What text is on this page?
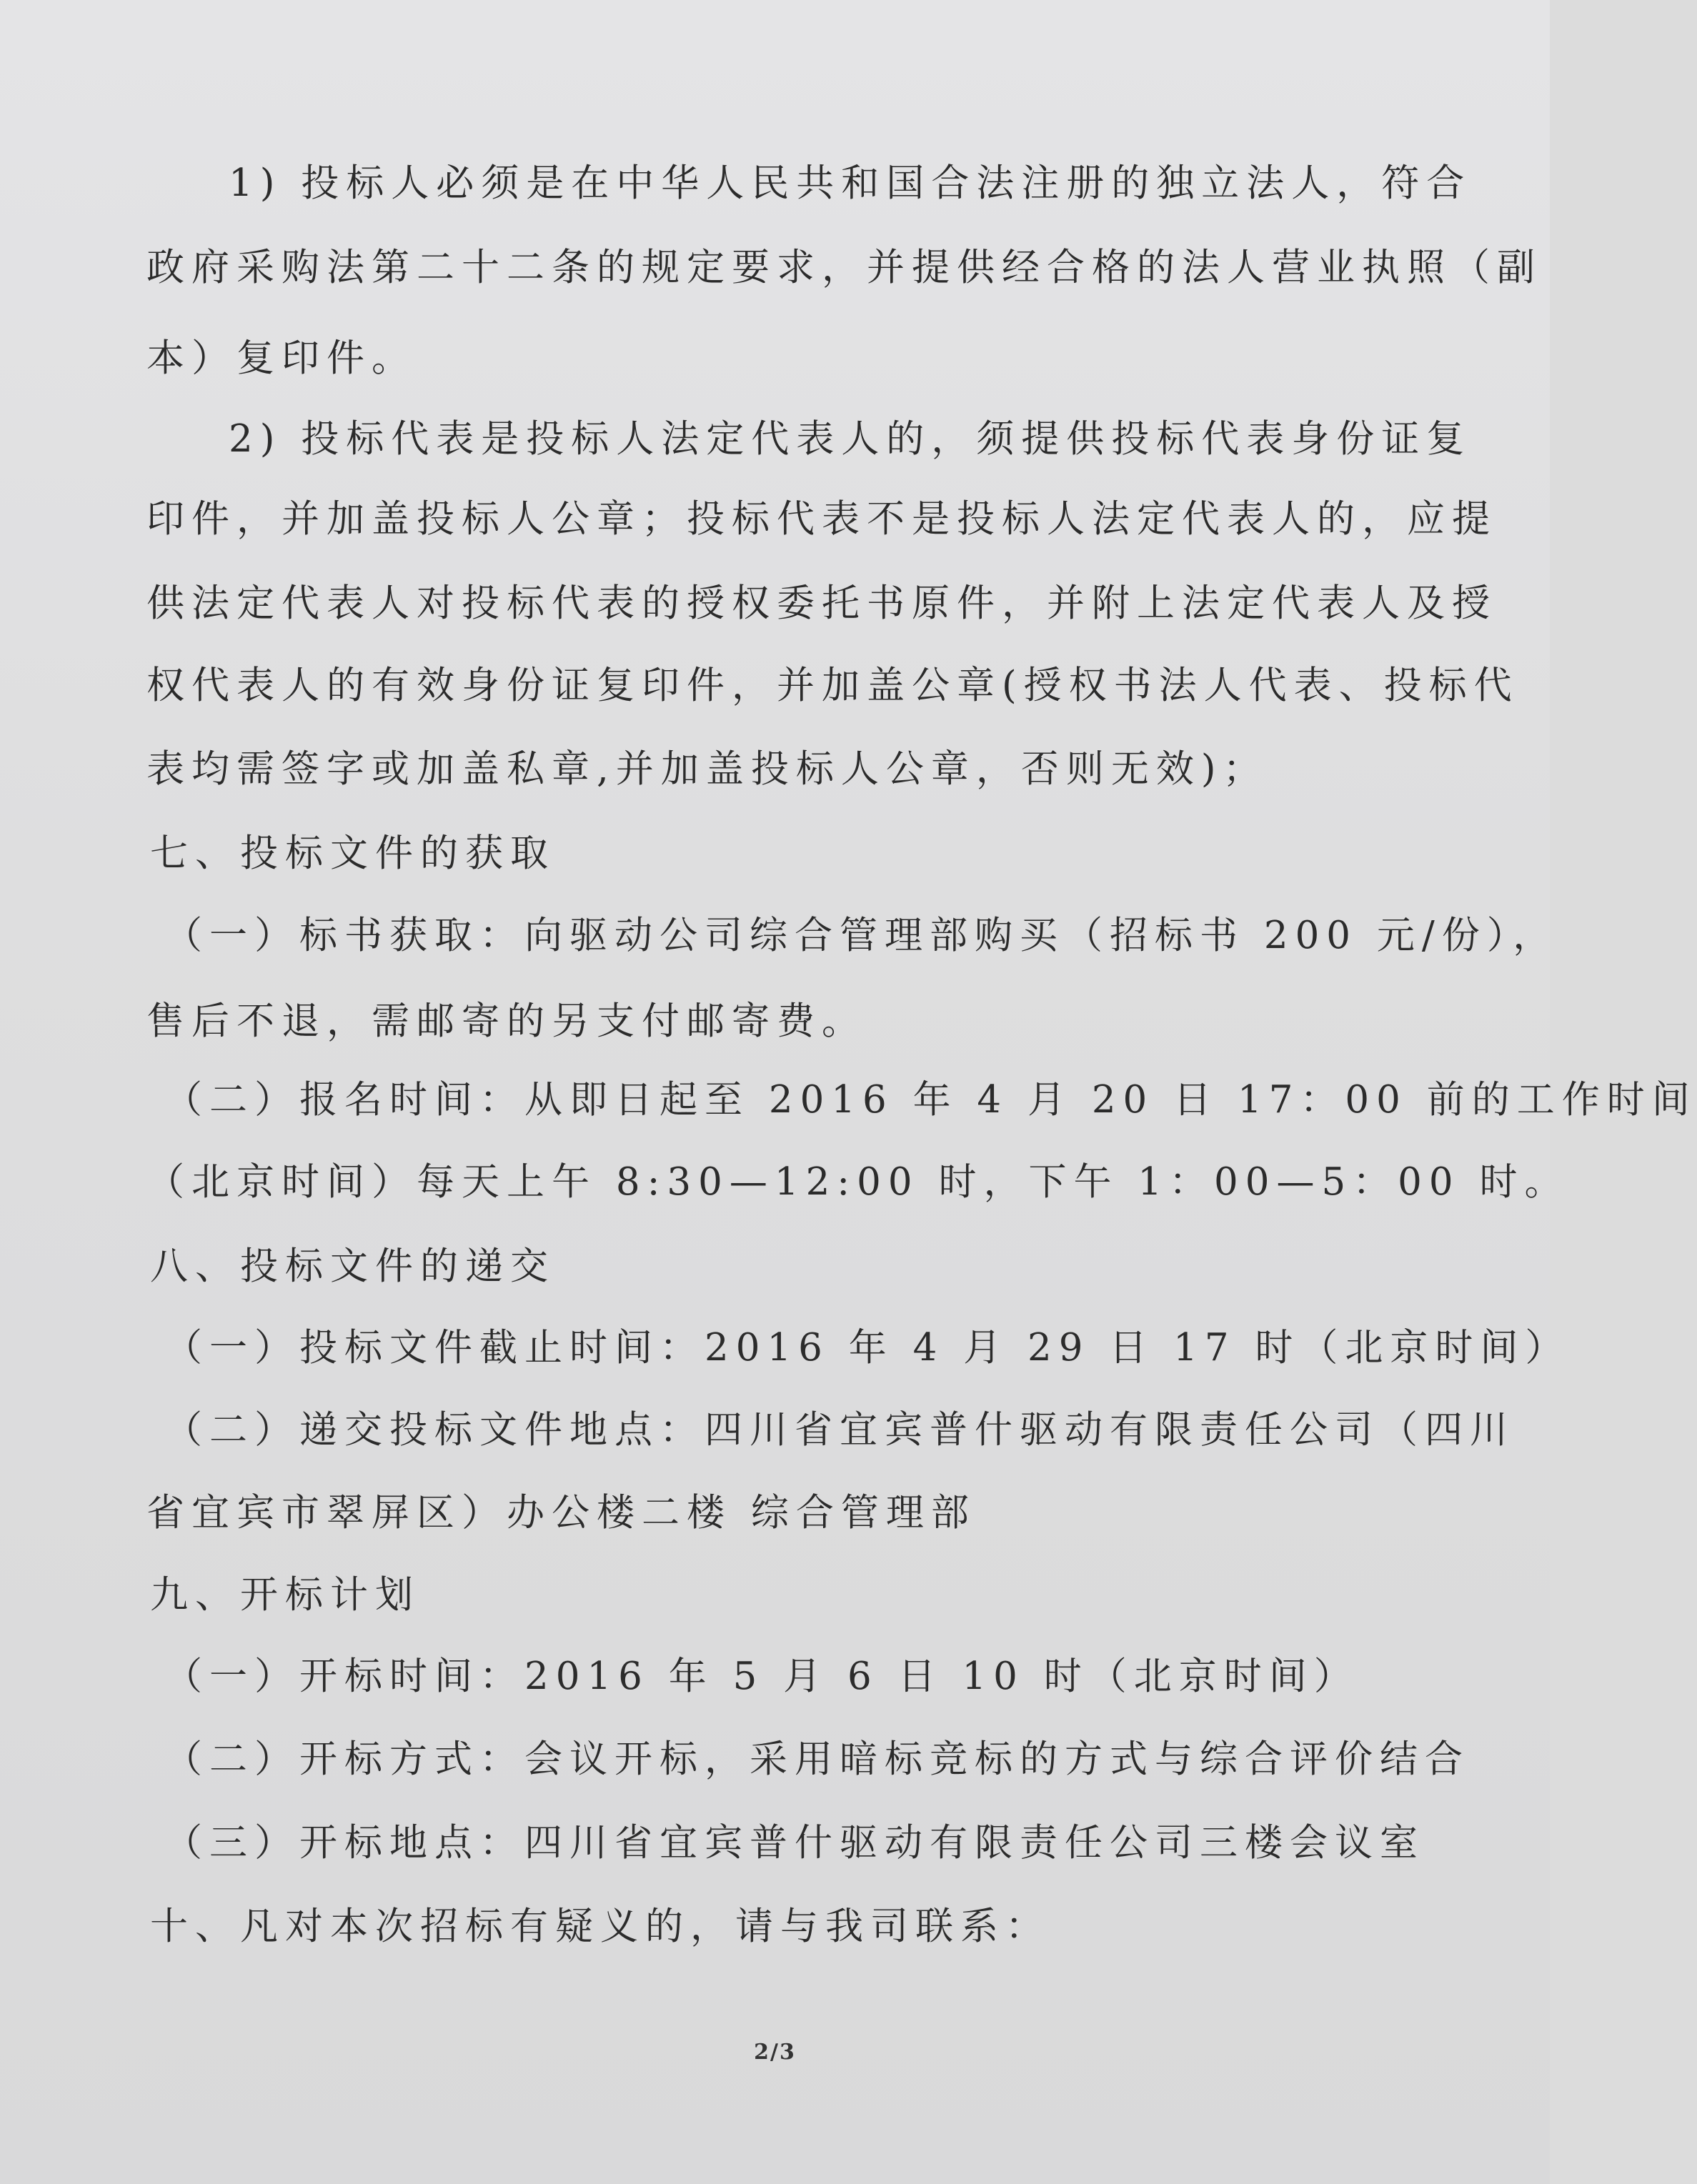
1) 投标人必须是在中华人民共和国合法注册的独立法人，符合
政府采购法第二十二条的规定要求，并提供经合格的法人营业执照（副
本）复印件。
2) 投标代表是投标人法定代表人的，须提供投标代表身份证复
印件，并加盖投标人公章；投标代表不是投标人法定代表人的，应提
供法定代表人对投标代表的授权委托书原件，并附上法定代表人及授
权代表人的有效身份证复印件，并加盖公章(授权书法人代表、投标代
表均需签字或加盖私章,并加盖投标人公章，否则无效)；
七、投标文件的获取
（一）标书获取：向驱动公司综合管理部购买（招标书 200 元/份），
售后不退，需邮寄的另支付邮寄费。
（二）报名时间：从即日起至 2016 年 4 月 20 日 17：00 前的工作时间
（北京时间）每天上午 8:30—12:00 时，下午 1：00—5：00 时。
八、投标文件的递交
（一）投标文件截止时间：2016 年 4 月 29 日 17 时（北京时间）
（二）递交投标文件地点：四川省宜宾普什驱动有限责任公司（四川
省宜宾市翠屏区）办公楼二楼 综合管理部
九、开标计划
（一）开标时间：2016 年 5 月 6 日 10 时（北京时间）
（二）开标方式：会议开标，采用暗标竞标的方式与综合评价结合
（三）开标地点：四川省宜宾普什驱动有限责任公司三楼会议室
十、凡对本次招标有疑义的，请与我司联系：
2/3
